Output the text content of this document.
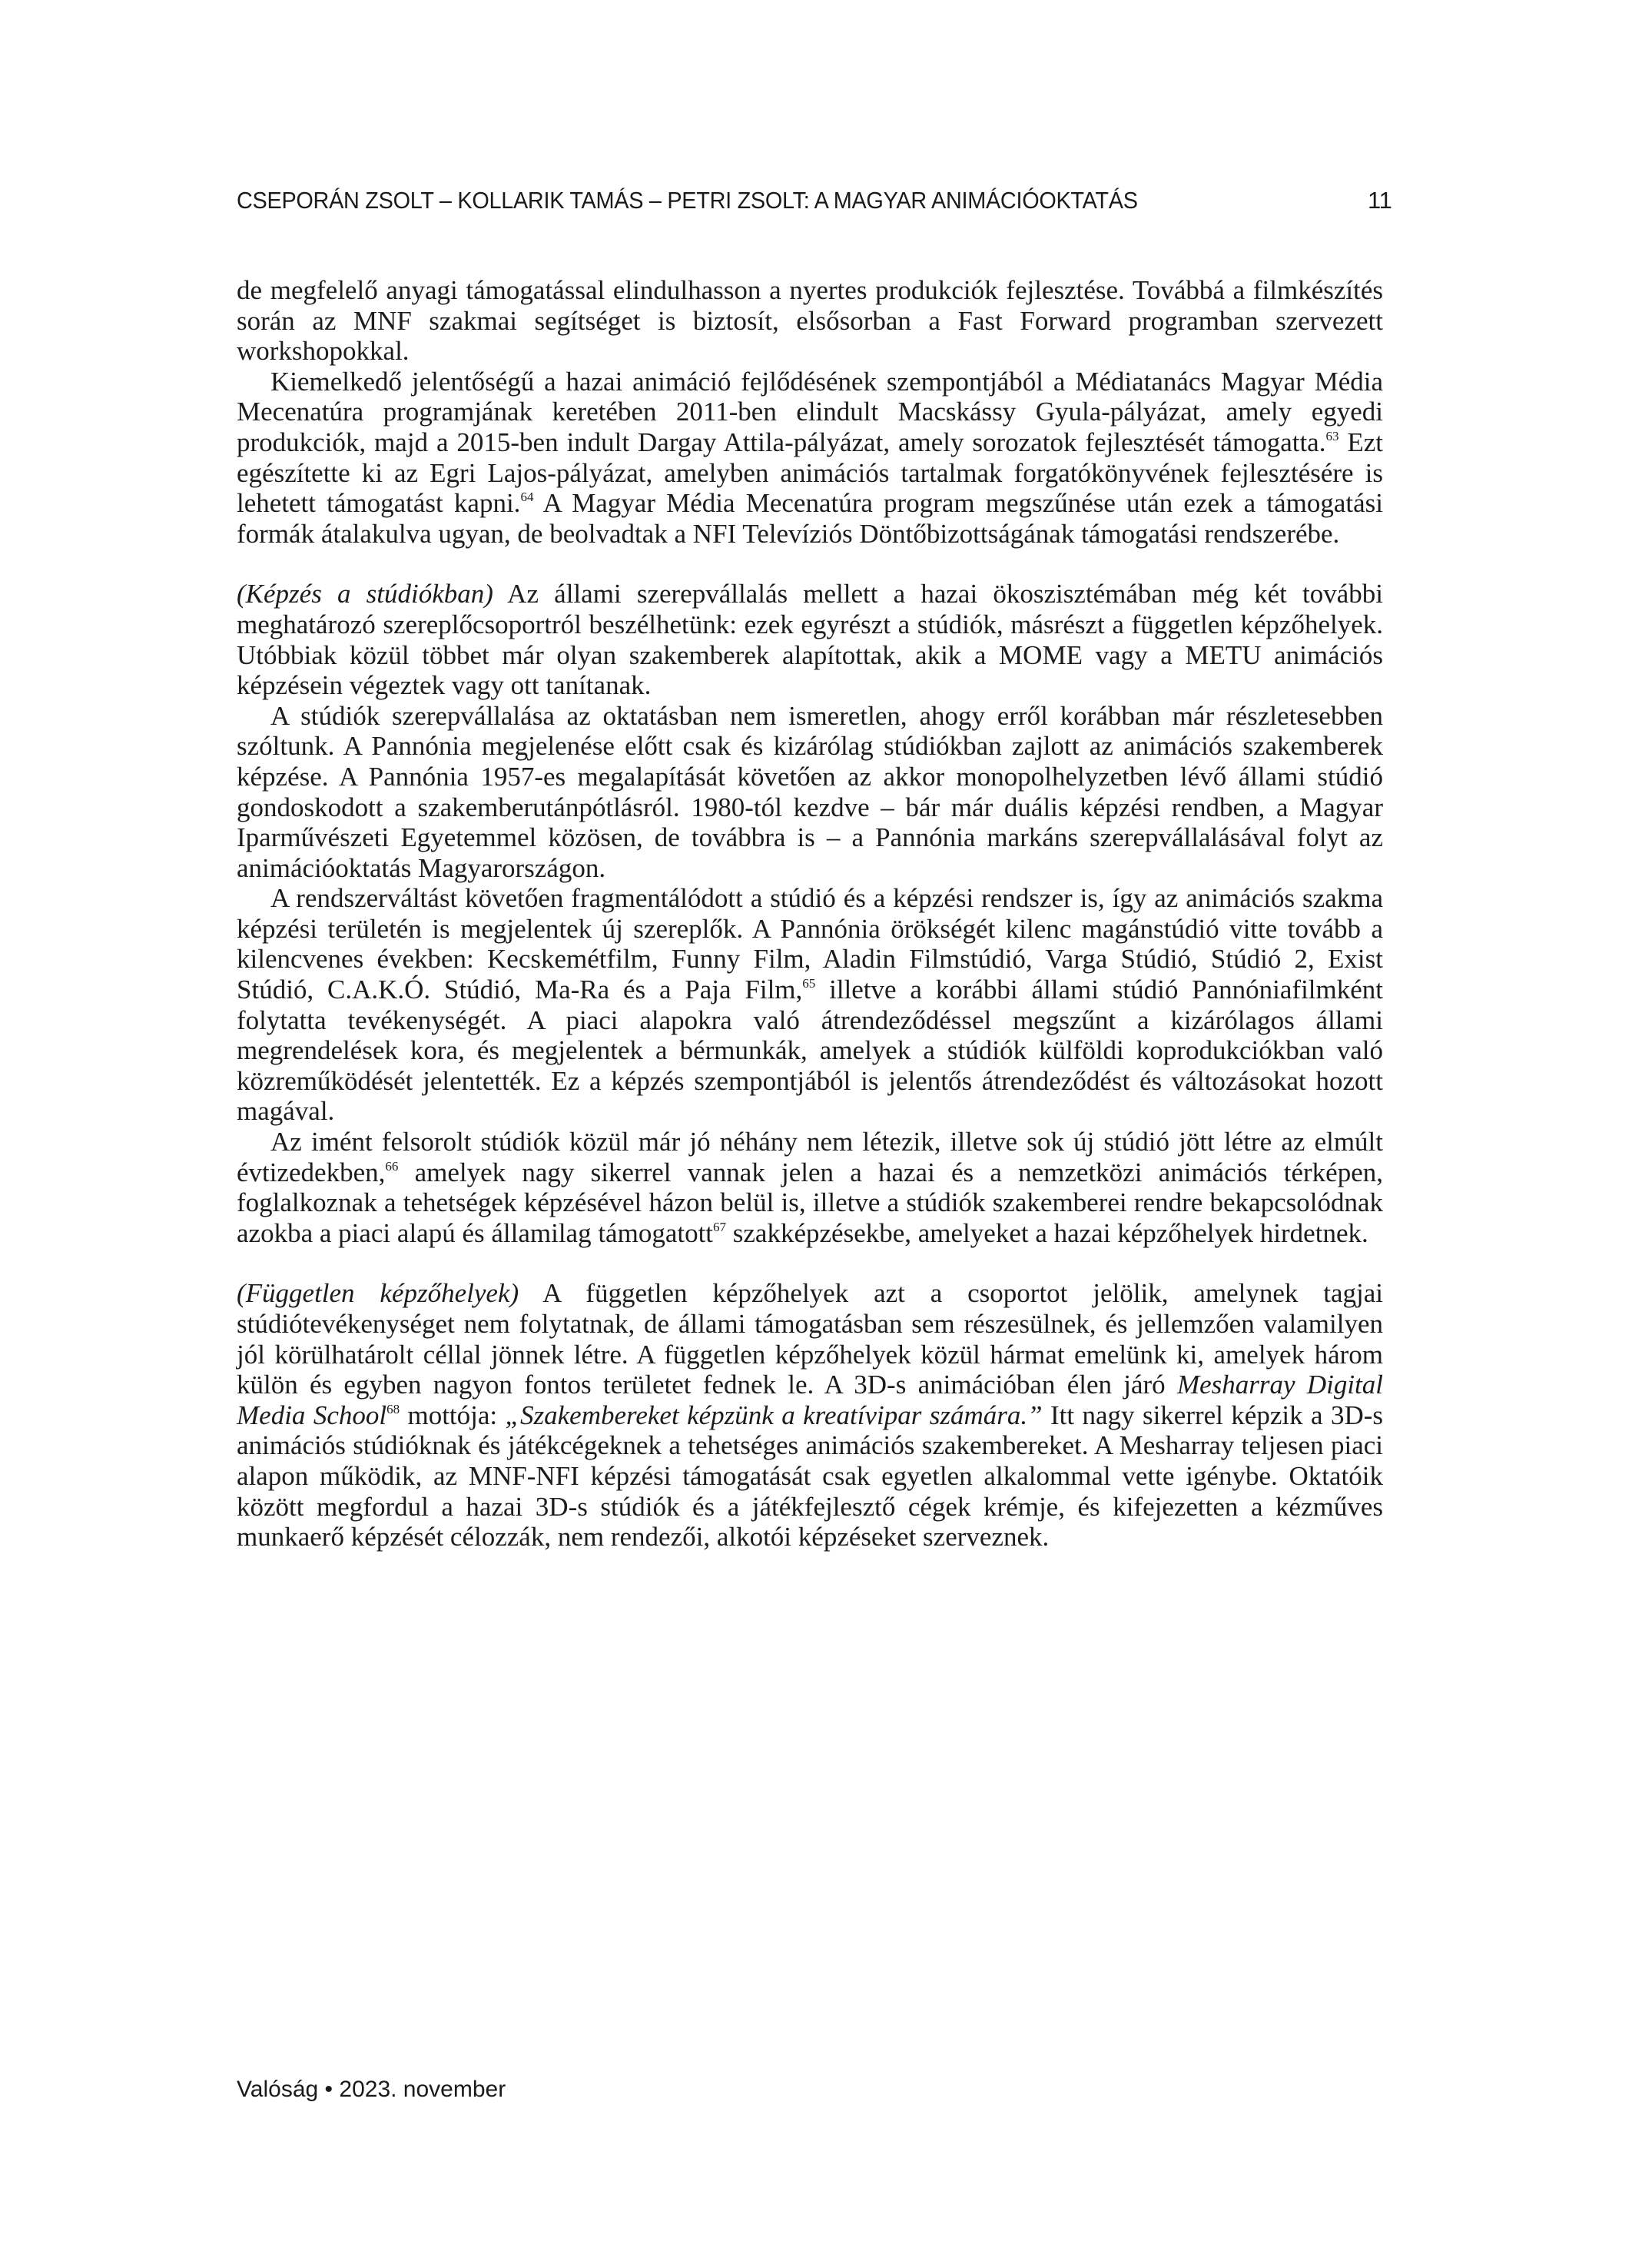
CSEPORÁN ZSOLT – KOLLARIK TAMÁS – PETRI ZSOLT: A MAGYAR ANIMÁCIÓOKTATÁS	11

de megfelelő anyagi támogatással elindulhasson a nyertes produkciók fejlesztése. Továbbá a filmkészítés során az MNF szakmai segítséget is biztosít, elsősorban a Fast Forward programban szervezett workshopokkal.

Kiemelkedő jelentőségű a hazai animáció fejlődésének szempontjából a Médiatanács Magyar Média Mecenatúra programjának keretében 2011-ben elindult Macskássy Gyula-pályázat, amely egyedi produkciók, majd a 2015-ben indult Dargay Attila-pályázat, amely sorozatok fejlesztését támogatta.$^{63}$ Ezt egészítette ki az Egri Lajos-pályázat, amelyben animációs tartalmak forgatókönyvének fejlesztésére is lehetett támogatást kapni.$^{64}$ A Magyar Média Mecenatúra program megszűnése után ezek a támogatási formák átalakulva ugyan, de beolvadtak a NFI Televíziós Döntőbizottságának támogatási rendszerébe.

(Képzés a stúdiókban) Az állami szerepvállalás mellett a hazai ökoszisztémában még két további meghatározó szereplőcsoportról beszélhetünk: ezek egyrészt a stúdiók, másrészt a független képzőhelyek. Utóbbiak közül többet már olyan szakemberek alapítottak, akik a MOME vagy a METU animációs képzésein végeztek vagy ott tanítanak.

A stúdiók szerepvállalása az oktatásban nem ismeretlen, ahogy erről korábban már részletesebben szóltunk. A Pannónia megjelenése előtt csak és kizárólag stúdiókban zajlott az animációs szakemberek képzése. A Pannónia 1957-es megalapítását követően az akkor monopolhelyzetben lévő állami stúdió gondoskodott a szakemberutánpótlásról. 1980-tól kezdve – bár már duális képzési rendben, a Magyar Iparművészeti Egyetemmel közösen, de továbbra is – a Pannónia markáns szerepvállalásával folyt az animációoktatás Magyarországon.

A rendszerváltást követően fragmentálódott a stúdió és a képzési rendszer is, így az animációs szakma képzési területén is megjelentek új szereplők. A Pannónia örökségét kilenc magánstúdió vitte tovább a kilencvenes években: Kecskemétfilm, Funny Film, Aladin Filmstúdió, Varga Stúdió, Stúdió 2, Exist Stúdió, C.A.K.Ó. Stúdió, Ma-Ra és a Paja Film,$^{65}$ illetve a korábbi állami stúdió Pannóniafilmként folytatta tevékenységét. A piaci alapokra való átrendeződéssel megszűnt a kizárólagos állami megrendelések kora, és megjelentek a bérmunkák, amelyek a stúdiók külföldi koprodukciókban való közreműködését jelentették. Ez a képzés szempontjából is jelentős átrendeződést és változásokat hozott magával.

Az imént felsorolt stúdiók közül már jó néhány nem létezik, illetve sok új stúdió jött létre az elmúlt évtizedekben,$^{66}$ amelyek nagy sikerrel vannak jelen a hazai és a nemzetközi animációs térképen, foglalkoznak a tehetségek képzésével házon belül is, illetve a stúdiók szakemberei rendre bekapcsolódnak azokba a piaci alapú és államilag támogatott$^{67}$ szakképzésekbe, amelyeket a hazai képzőhelyek hirdetnek.

(Független képzőhelyek) A független képzőhelyek azt a csoportot jelölik, amelynek tagjai stúdiótevékenységet nem folytatnak, de állami támogatásban sem részesülnek, és jellemzően valamilyen jól körülhatárolt céllal jönnek létre. A független képzőhelyek közül hármat emelünk ki, amelyek három külön és egyben nagyon fontos területet fednek le. A 3D-s animációban élen járó Mesharray Digital Media School$^{68}$ mottója: „Szakembereket képzünk a kreatívipar számára.” Itt nagy sikerrel képzik a 3D-s animációs stúdióknak és játékcégeknek a tehetséges animációs szakembereket. A Mesharray teljesen piaci alapon működik, az MNF-NFI képzési támogatását csak egyetlen alkalommal vette igénybe. Oktatóik között megfordul a hazai 3D-s stúdiók és a játékfejlesztő cégek krémje, és kifejezetten a kézműves munkaerő képzését célozzák, nem rendezői, alkotói képzéseket szerveznek.

Valóság • 2023. november
